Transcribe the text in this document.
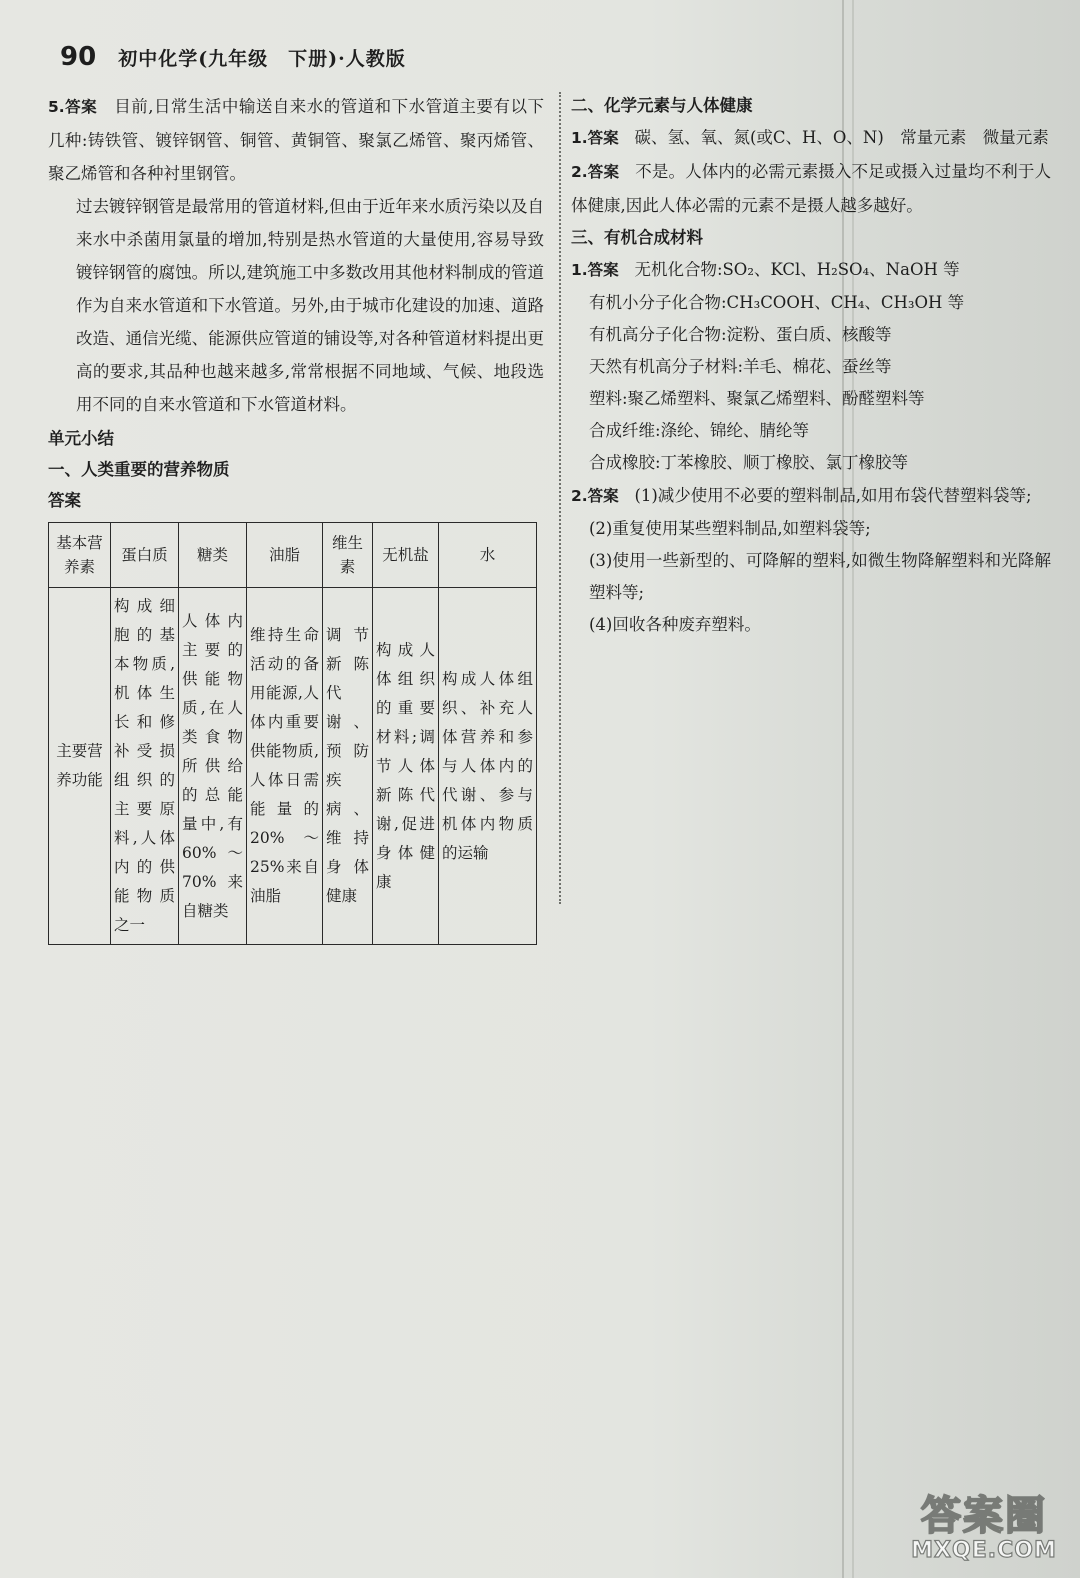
90 初中化学(九年级　下册)·人教版

5.答案 目前,日常生活中输送自来水的管道和下水管道主要有以下几种:铸铁管、镀锌钢管、铜管、黄铜管、聚氯乙烯管、聚丙烯管、聚乙烯管和各种衬里钢管。

过去镀锌钢管是最常用的管道材料,但由于近年来水质污染以及自来水中杀菌用氯量的增加,特别是热水管道的大量使用,容易导致镀锌钢管的腐蚀。所以,建筑施工中多数改用其他材料制成的管道作为自来水管道和下水管道。另外,由于城市化建设的加速、道路改造、通信光缆、能源供应管道的铺设等,对各种管道材料提出更高的要求,其品种也越来越多,常常根据不同地域、气候、地段选用不同的自来水管道和下水管道材料。

单元小结

一、人类重要的营养物质

答案

基本营养素	蛋白质	糖类	油脂	维生素	无机盐	水
主要营养功能	构成细胞的基本物质,机体生长和修补受损组织的主要原料,人体内的供能物质之一	人体内主要的供能物质,在人类食物所供给的总能量中,有60%～70%来自糖类	维持生命活动的备用能源,人体内重要供能物质,人体日需能量的20%～25%来自油脂	调节新陈代谢、预防疾病、维持身体健康	构成人体组织的重要材料;调节人体新陈代谢,促进身体健康	构成人体组织、补充人体营养和参与人体内的代谢、参与机体内物质的运输

二、化学元素与人体健康

1.答案 碳、氢、氧、氮(或C、H、O、N)　常量元素　微量元素

2.答案 不是。人体内的必需元素摄入不足或摄入过量均不利于人体健康,因此人体必需的元素不是摄人越多越好。

三、有机合成材料

1.答案 无机化合物:SO₂、KCl、H₂SO₄、NaOH 等

有机小分子化合物:CH₃COOH、CH₄、CH₃OH 等

有机高分子化合物:淀粉、蛋白质、核酸等

天然有机高分子材料:羊毛、棉花、蚕丝等

塑料:聚乙烯塑料、聚氯乙烯塑料、酚醛塑料等

合成纤维:涤纶、锦纶、腈纶等

合成橡胶:丁苯橡胶、顺丁橡胶、氯丁橡胶等

2.答案 (1)减少使用不必要的塑料制品,如用布袋代替塑料袋等;

(2)重复使用某些塑料制品,如塑料袋等;

(3)使用一些新型的、可降解的塑料,如微生物降解塑料和光降解塑料等;

(4)回收各种废弃塑料。

答案圈
MXQE.COM
